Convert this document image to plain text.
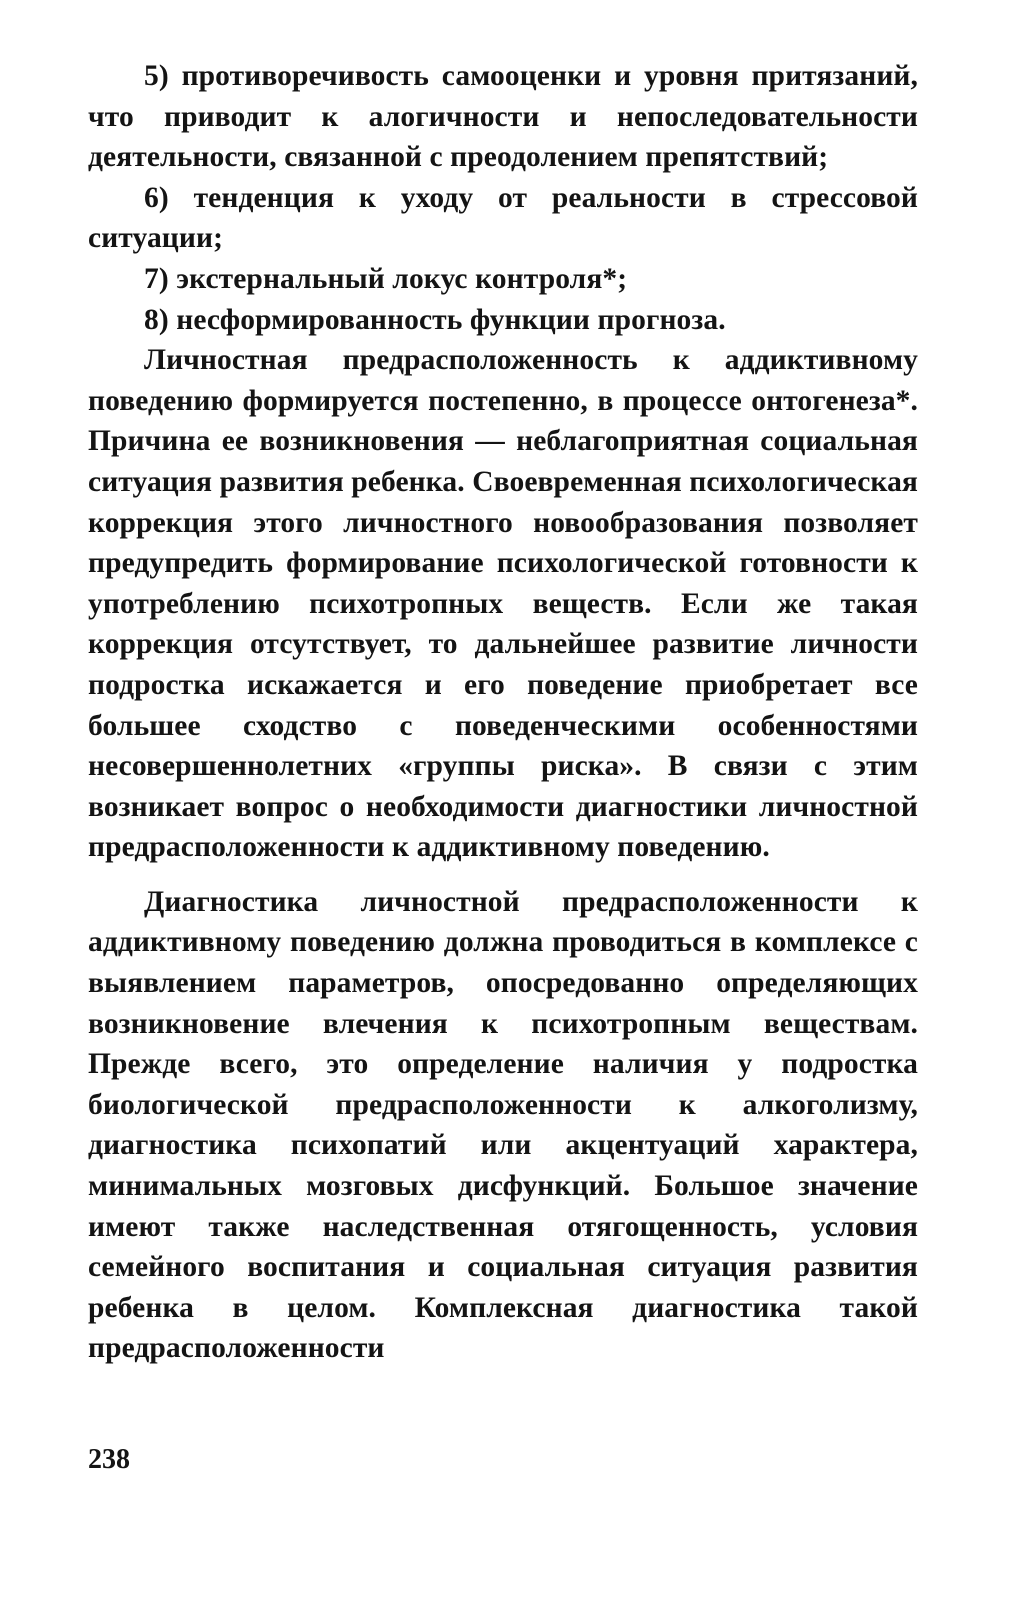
5) противоречивость самооценки и уровня притязаний, что приводит к алогичности и непоследовательности деятельности, связанной с преодолением препятствий;

6) тенденция к уходу от реальности в стрессовой ситуации;

7) экстернальный локус контроля*;

8) несформированность функции прогноза.

Личностная предрасположенность к аддиктивному поведению формируется постепенно, в процессе онтогенеза*. Причина ее возникновения — неблагоприятная социальная ситуация развития ребенка. Своевременная психологическая коррекция этого личностного новообразования позволяет предупредить формирование психологической готовности к употреблению психотропных веществ. Если же такая коррекция отсутствует, то дальнейшее развитие личности подростка искажается и его поведение приобретает все большее сходство с поведенческими особенностями несовершеннолетних «группы риска». В связи с этим возникает вопрос о необходимости диагностики личностной предрасположенности к аддиктивному поведению.

Диагностика личностной предрасположенности к аддиктивному поведению должна проводиться в комплексе с выявлением параметров, опосредованно определяющих возникновение влечения к психотропным веществам. Прежде всего, это определение наличия у подростка биологической предрасположенности к алкоголизму, диагностика психопатий или акцентуаций характера, минимальных мозговых дисфункций. Большое значение имеют также наследственная отягощенность, условия семейного воспитания и социальная ситуация развития ребенка в целом. Комплексная диагностика такой предрасположенности

238
